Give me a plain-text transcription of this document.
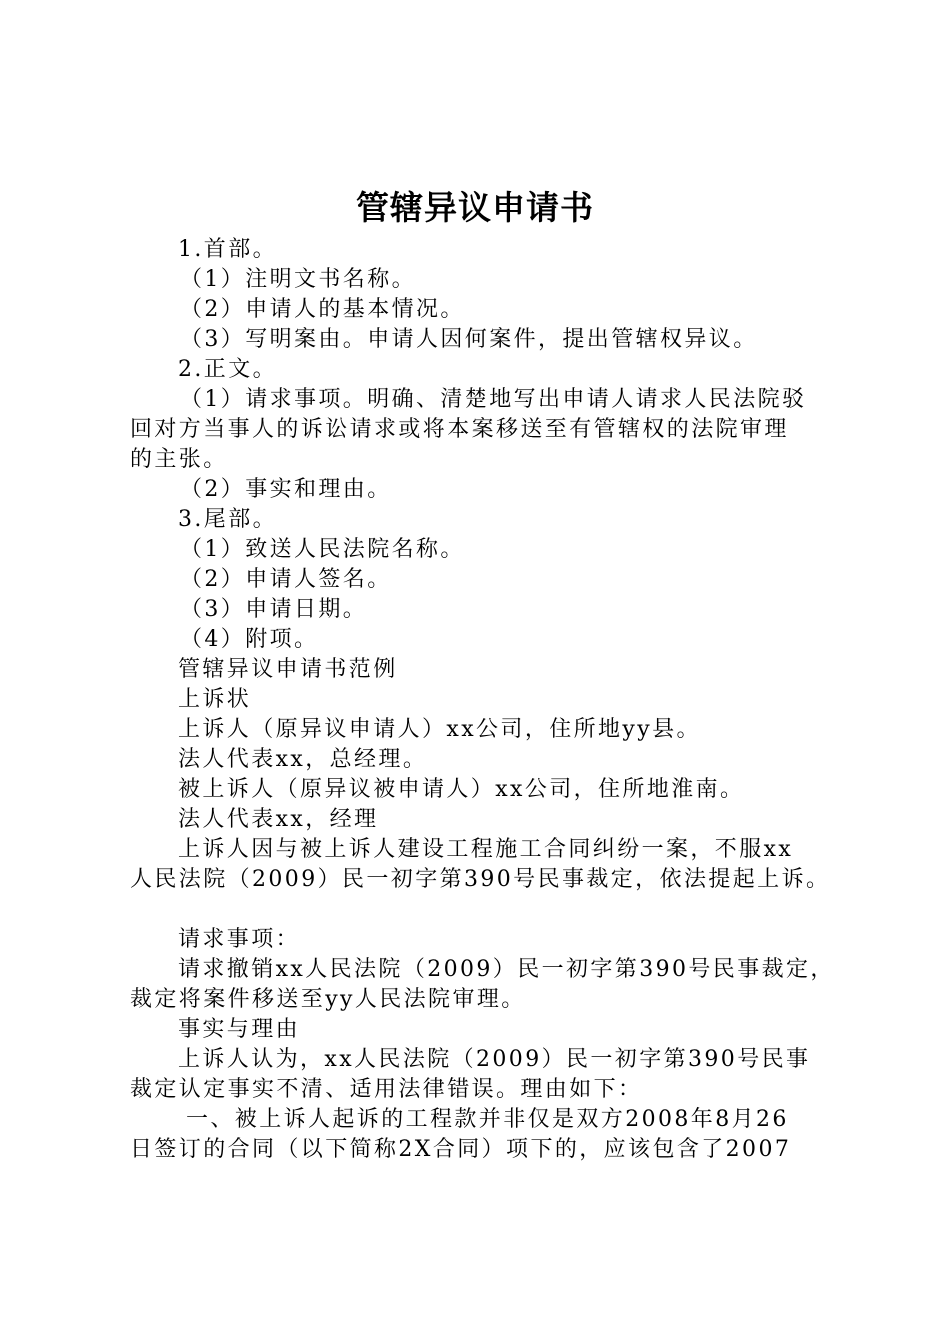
管辖异议申请书

1.首部。

（1）注明文书名称。

（2）申请人的基本情况。

（3）写明案由。申请人因何案件，提出管辖权异议。

2.正文。

（1）请求事项。明确、清楚地写出申请人请求人民法院驳

回对方当事人的诉讼请求或将本案移送至有管辖权的法院审理

的主张。

（2）事实和理由。

3.尾部。

（1）致送人民法院名称。

（2）申请人签名。

（3）申请日期。

（4）附项。

管辖异议申请书范例

上诉状

上诉人（原异议申请人）xx公司，住所地yy县。

法人代表xx，总经理。

被上诉人（原异议被申请人）xx公司，住所地淮南。

法人代表xx，经理

上诉人因与被上诉人建设工程施工合同纠纷一案，不服xx

人民法院（2009）民一初字第390号民事裁定，依法提起上诉。

请求事项：

请求撤销xx人民法院（2009）民一初字第390号民事裁定，

裁定将案件移送至yy人民法院审理。

事实与理由

上诉人认为，xx人民法院（2009）民一初字第390号民事

裁定认定事实不清、适用法律错误。理由如下：

一、被上诉人起诉的工程款并非仅是双方2008年8月26

日签订的合同（以下简称2X合同）项下的，应该包含了2007
